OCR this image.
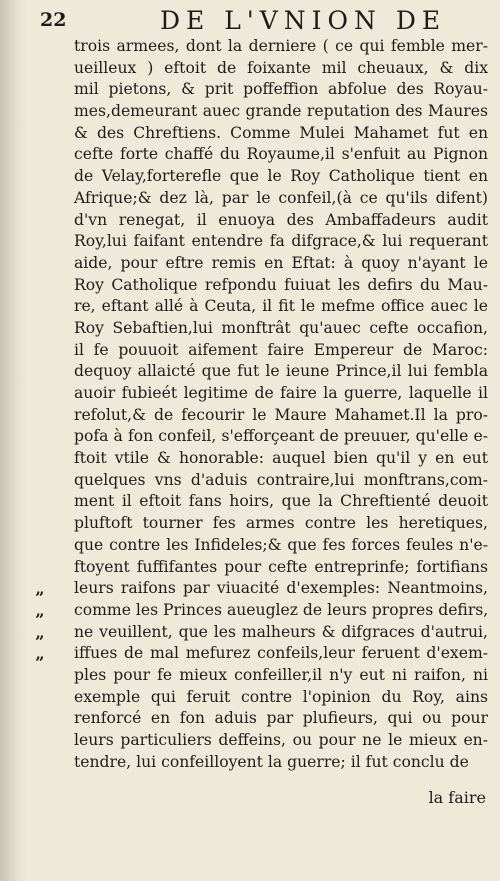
22	DE L'VNION DE
trois armees, dont la derniere ( ce qui femble mer-
ueilleux ) eftoit de foixante mil cheuaux, & dix
mil pietons, & prit poffeffion abfolue des Royau-
mes,demeurant auec grande reputation des Maures
& des Chreftiens. Comme Mulei Mahamet fut en
cefte forte chaffé du Royaume,il s'enfuit au Pignon
de Velay,forterefle que le Roy Catholique tient en
Afrique;& dez là, par le confeil,(à ce qu'ils difent)
d'vn renegat, il enuoya des Ambaffadeurs audit
Roy,lui faifant entendre fa difgrace,& lui requerant
aide, pour eftre remis en Eftat: à quoy n'ayant le
Roy Catholique refpondu fuiuat les defirs du Mau-
re, eftant allé à Ceuta, il fit le mefme office auec le
Roy Sebaftien,lui monftrât qu'auec cefte occafion,
il fe pouuoit aifement faire Empereur de Maroc:
dequoy allaicté que fut le ieune Prince,il lui fembla
auoir fubieét legitime de faire la guerre, laquelle il
refolut,& de fecourir le Maure Mahamet.Il la pro-
pofa à fon confeil, s'efforçeant de preuuer, qu'elle e-
ftoit vtile & honorable: auquel bien qu'il y en eut
quelques vns d'aduis contraire,lui monftrans,com-
ment il eftoit fans hoirs, que la Chreftienté deuoit
pluftoft tourner fes armes contre les heretiques,
que contre les Infideles;& que fes forces feules n'e-
ftoyent fuffifantes pour cefte entreprinfe; fortifians
„ leurs raifons par viuacité d'exemples: Neantmoins,
„ comme les Princes aueuglez de leurs propres defirs,
„ ne veuillent, que les malheurs & difgraces d'autrui,
„ iffues de mal mefurez confeils,leur feruent d'exem-
ples pour fe mieux confeiller,il n'y eut ni raifon, ni
exemple qui feruit contre l'opinion du Roy, ains
renforcé en fon aduis par plufieurs, qui ou pour
leurs particuliers deffeins, ou pour ne le mieux en-
tendre, lui confeilloyent la guerre; il fut conclu de
la faire
